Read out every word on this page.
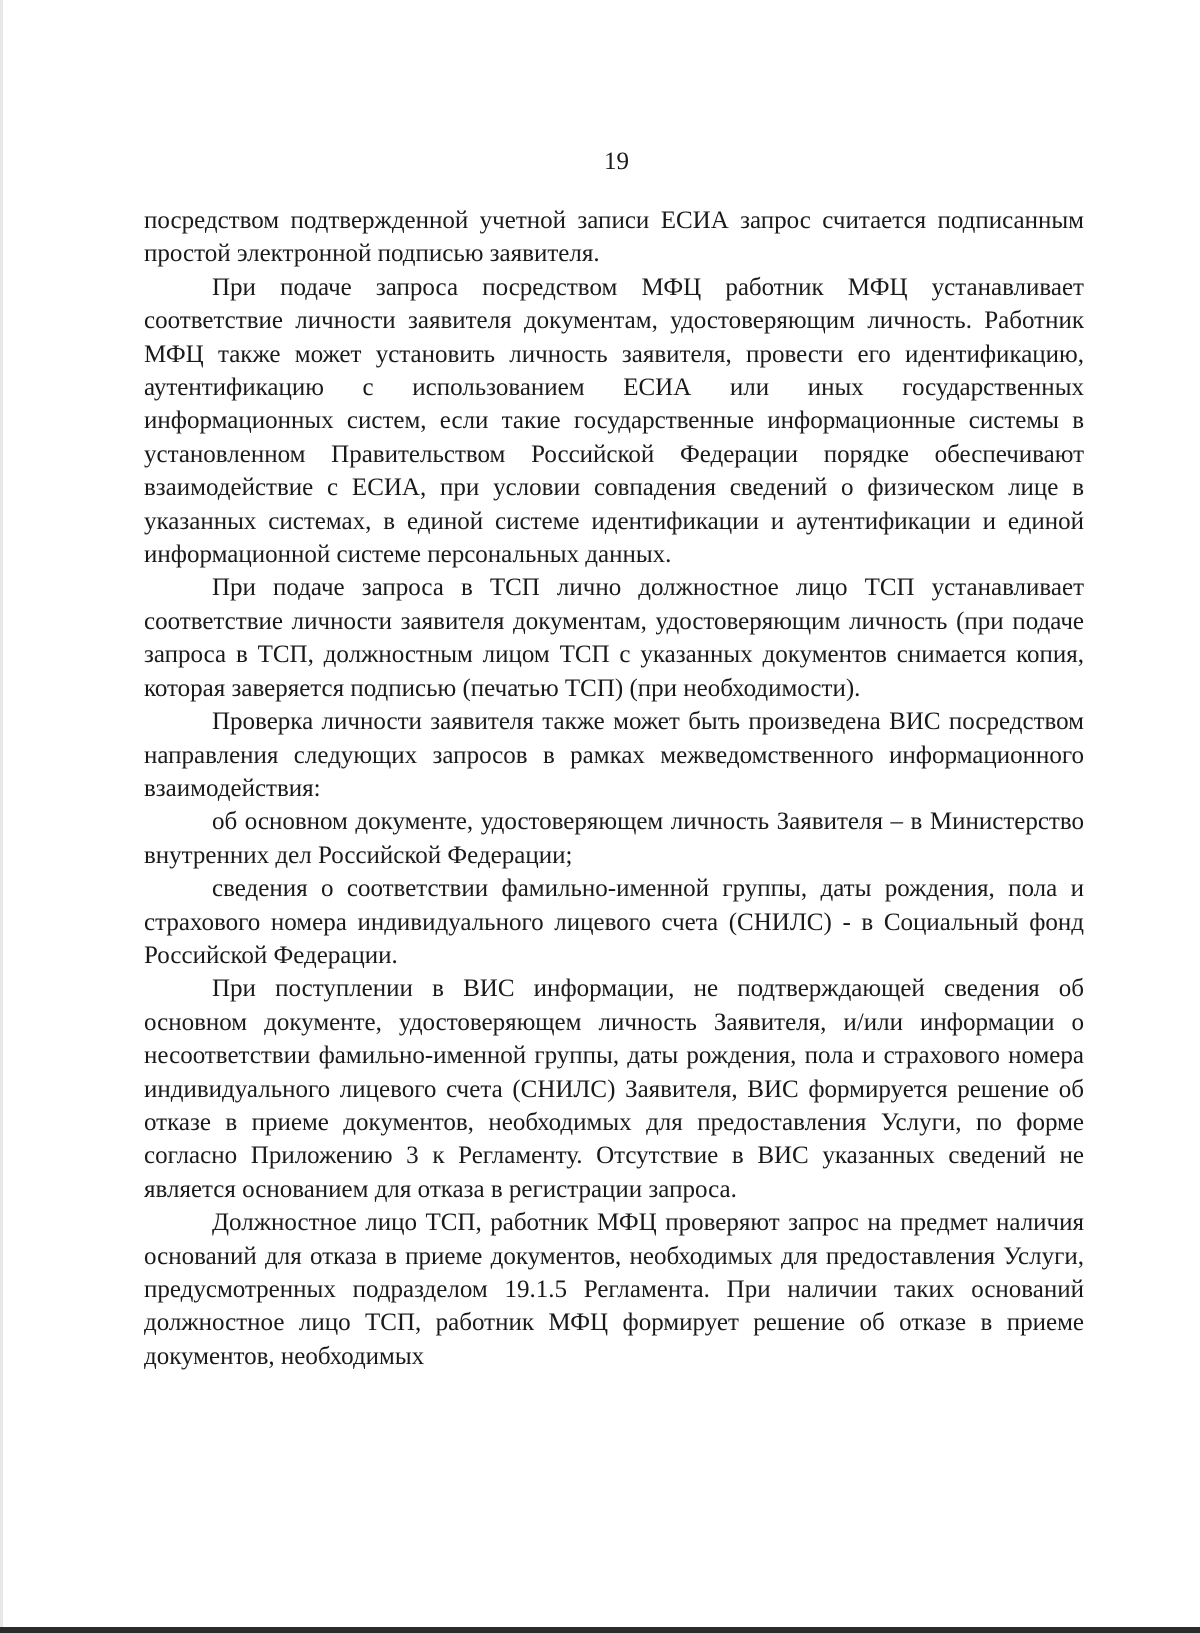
19

посредством подтвержденной учетной записи ЕСИА запрос считается подписанным простой электронной подписью заявителя.

При подаче запроса посредством МФЦ работник МФЦ устанавливает соответствие личности заявителя документам, удостоверяющим личность. Работник МФЦ также может установить личность заявителя, провести его идентификацию, аутентификацию с использованием ЕСИА или иных государственных информационных систем, если такие государственные информационные системы в установленном Правительством Российской Федерации порядке обеспечивают взаимодействие с ЕСИА, при условии совпадения сведений о физическом лице в указанных системах, в единой системе идентификации и аутентификации и единой информационной системе персональных данных.

При подаче запроса в ТСП лично должностное лицо ТСП устанавливает соответствие личности заявителя документам, удостоверяющим личность (при подаче запроса в ТСП, должностным лицом ТСП с указанных документов снимается копия, которая заверяется подписью (печатью ТСП) (при необходимости).

Проверка личности заявителя также может быть произведена ВИС посредством направления следующих запросов в рамках межведомственного информационного взаимодействия:

об основном документе, удостоверяющем личность Заявителя – в Министерство внутренних дел Российской Федерации;

сведения о соответствии фамильно-именной группы, даты рождения, пола и страхового номера индивидуального лицевого счета (СНИЛС) - в Социальный фонд Российской Федерации.

При поступлении в ВИС информации, не подтверждающей сведения об основном документе, удостоверяющем личность Заявителя, и/или информации о несоответствии фамильно-именной группы, даты рождения, пола и страхового номера индивидуального лицевого счета (СНИЛС) Заявителя, ВИС формируется решение об отказе в приеме документов, необходимых для предоставления Услуги, по форме согласно Приложению 3 к Регламенту. Отсутствие в ВИС указанных сведений не является основанием для отказа в регистрации запроса.

Должностное лицо ТСП, работник МФЦ проверяют запрос на предмет наличия оснований для отказа в приеме документов, необходимых для предоставления Услуги, предусмотренных подразделом 19.1.5 Регламента. При наличии таких оснований должностное лицо ТСП, работник МФЦ формирует решение об отказе в приеме документов, необходимых
